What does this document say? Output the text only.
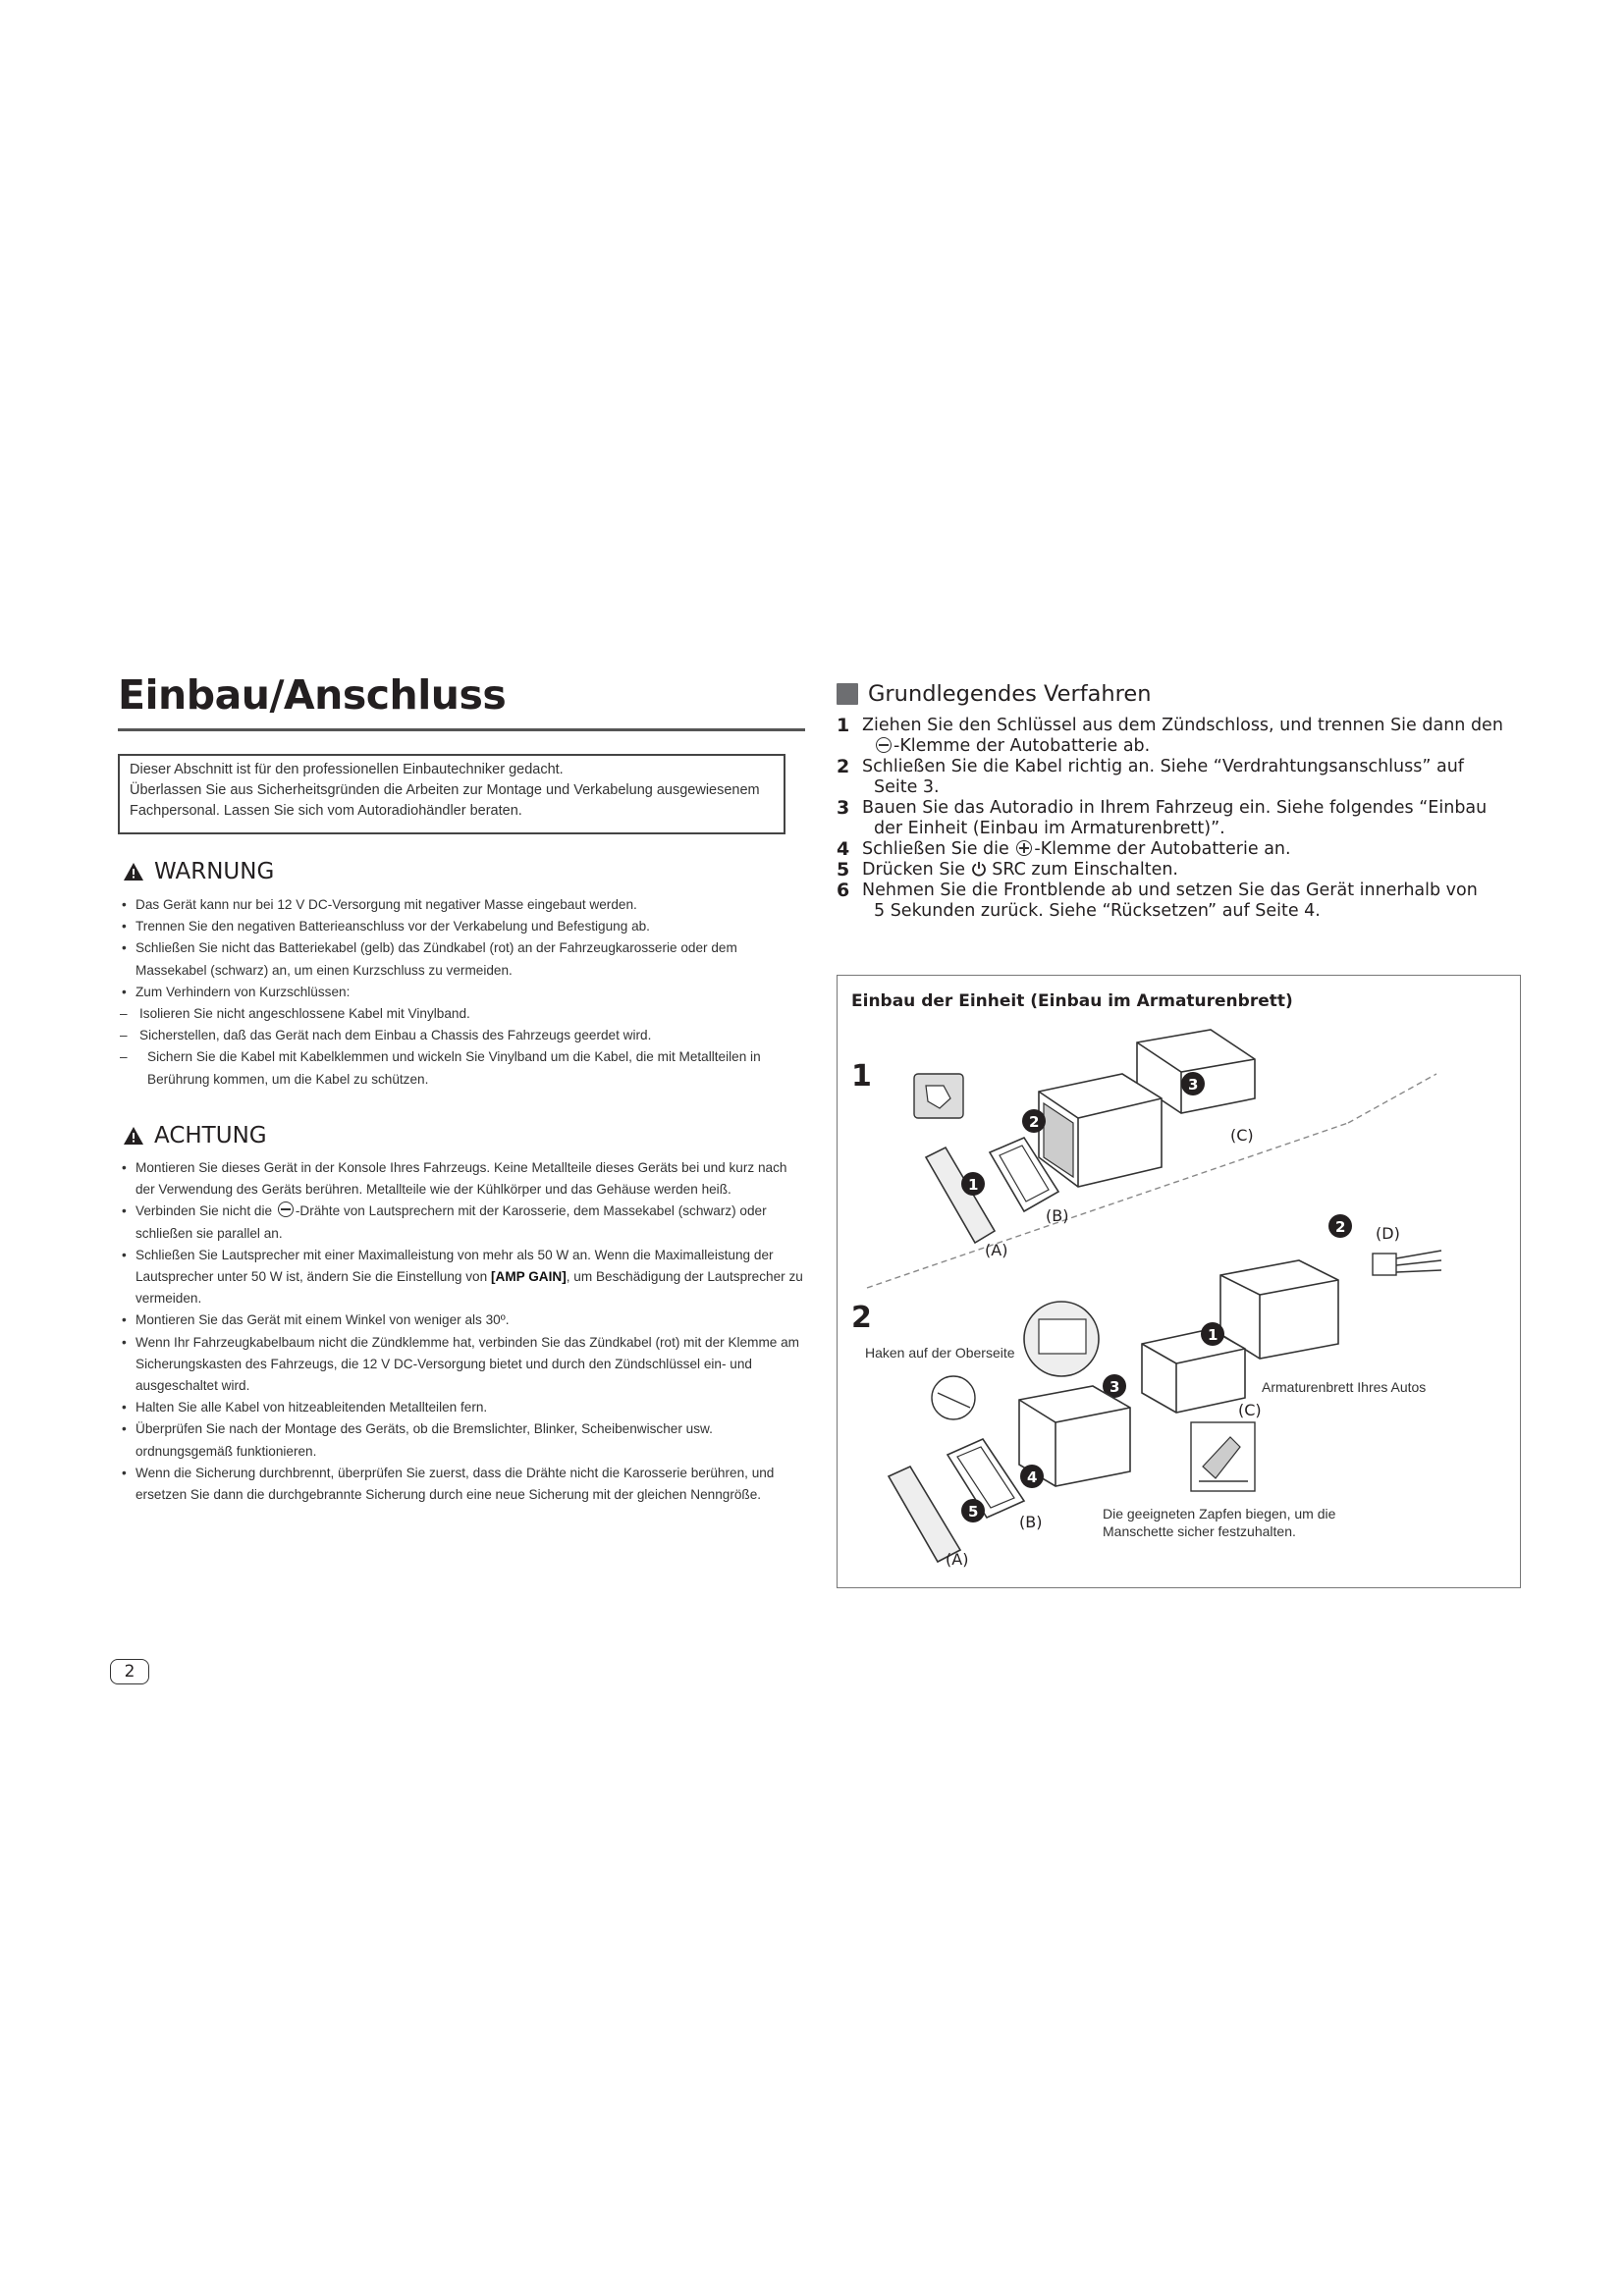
Einbau/Anschluss

Dieser Abschnitt ist für den professionellen Einbautechniker gedacht.

Überlassen Sie aus Sicherheitsgründen die Arbeiten zur Montage und Verkabelung ausgewiesenem

Fachpersonal. Lassen Sie sich vom Autoradiohändler beraten.

WARNUNG
• Das Gerät kann nur bei 12 V DC-Versorgung mit negativer Masse eingebaut werden.
• Trennen Sie den negativen Batterieanschluss vor der Verkabelung und Befestigung ab.
• Schließen Sie nicht das Batteriekabel (gelb) das Zündkabel (rot) an der Fahrzeugkarosserie oder dem Massekabel (schwarz) an, um einen Kurzschluss zu vermeiden.
• Zum Verhindern von Kurzschlüssen:
– Isolieren Sie nicht angeschlossene Kabel mit Vinylband.
– Sicherstellen, daß das Gerät nach dem Einbau a Chassis des Fahrzeugs geerdet wird.
– Sichern Sie die Kabel mit Kabelklemmen und wickeln Sie Vinylband um die Kabel, die mit Metallteilen in Berührung kommen, um die Kabel zu schützen.
ACHTUNG
• Montieren Sie dieses Gerät in der Konsole Ihres Fahrzeugs. Keine Metallteile dieses Geräts bei und kurz nach der Verwendung des Geräts berühren. Metallteile wie der Kühlkörper und das Gehäuse werden heiß.
• Verbinden Sie nicht die -Drähte von Lautsprechern mit der Karosserie, dem Massekabel (schwarz) oder schließen sie parallel an.
• Schließen Sie Lautsprecher mit einer Maximalleistung von mehr als 50 W an. Wenn die Maximalleistung der Lautsprecher unter 50 W ist, ändern Sie die Einstellung von [AMP GAIN], um Beschädigung der Lautsprecher zu vermeiden.
• Montieren Sie das Gerät mit einem Winkel von weniger als 30º.
• Wenn Ihr Fahrzeugkabelbaum nicht die Zündklemme hat, verbinden Sie das Zündkabel (rot) mit der Klemme am Sicherungskasten des Fahrzeugs, die 12 V DC-Versorgung bietet und durch den Zündschlüssel ein- und ausgeschaltet wird.
• Halten Sie alle Kabel von hitzeableitenden Metallteilen fern.
• Überprüfen Sie nach der Montage des Geräts, ob die Bremslichter, Blinker, Scheibenwischer usw. ordnungsgemäß funktionieren.
• Wenn die Sicherung durchbrennt, überprüfen Sie zuerst, dass die Drähte nicht die Karosserie berühren, und ersetzen Sie dann die durchgebrannte Sicherung durch eine neue Sicherung mit der gleichen Nenngröße.
2
Grundlegendes Verfahren
1 Ziehen Sie den Schlüssel aus dem Zündschloss, und trennen Sie dann den
-Klemme der Autobatterie ab.
2 Schließen Sie die Kabel richtig an. Siehe “Verdrahtungsanschluss” auf
Seite 3.
3 Bauen Sie das Autoradio in Ihrem Fahrzeug ein. Siehe folgendes “Einbau
der Einheit (Einbau im Armaturenbrett)”.
4 Schließen Sie die -Klemme der Autobatterie an.
5 Drücken Sie SRC zum Einschalten.
6 Nehmen Sie die Frontblende ab und setzen Sie das Gerät innerhalb von
5 Sekunden zurück. Siehe “Rücksetzen” auf Seite 4.
Einbau der Einheit (Einbau im Armaturenbrett)
1
2
(C)
(B)
(A)
1
2
3
2 (D)
Haken auf der Oberseite
Armaturenbrett Ihres Autos
(C)
1
3
(B)
4
(A)
5	Die geeigneten Zapfen biegen, um die
Manschette sicher festzuhalten.
